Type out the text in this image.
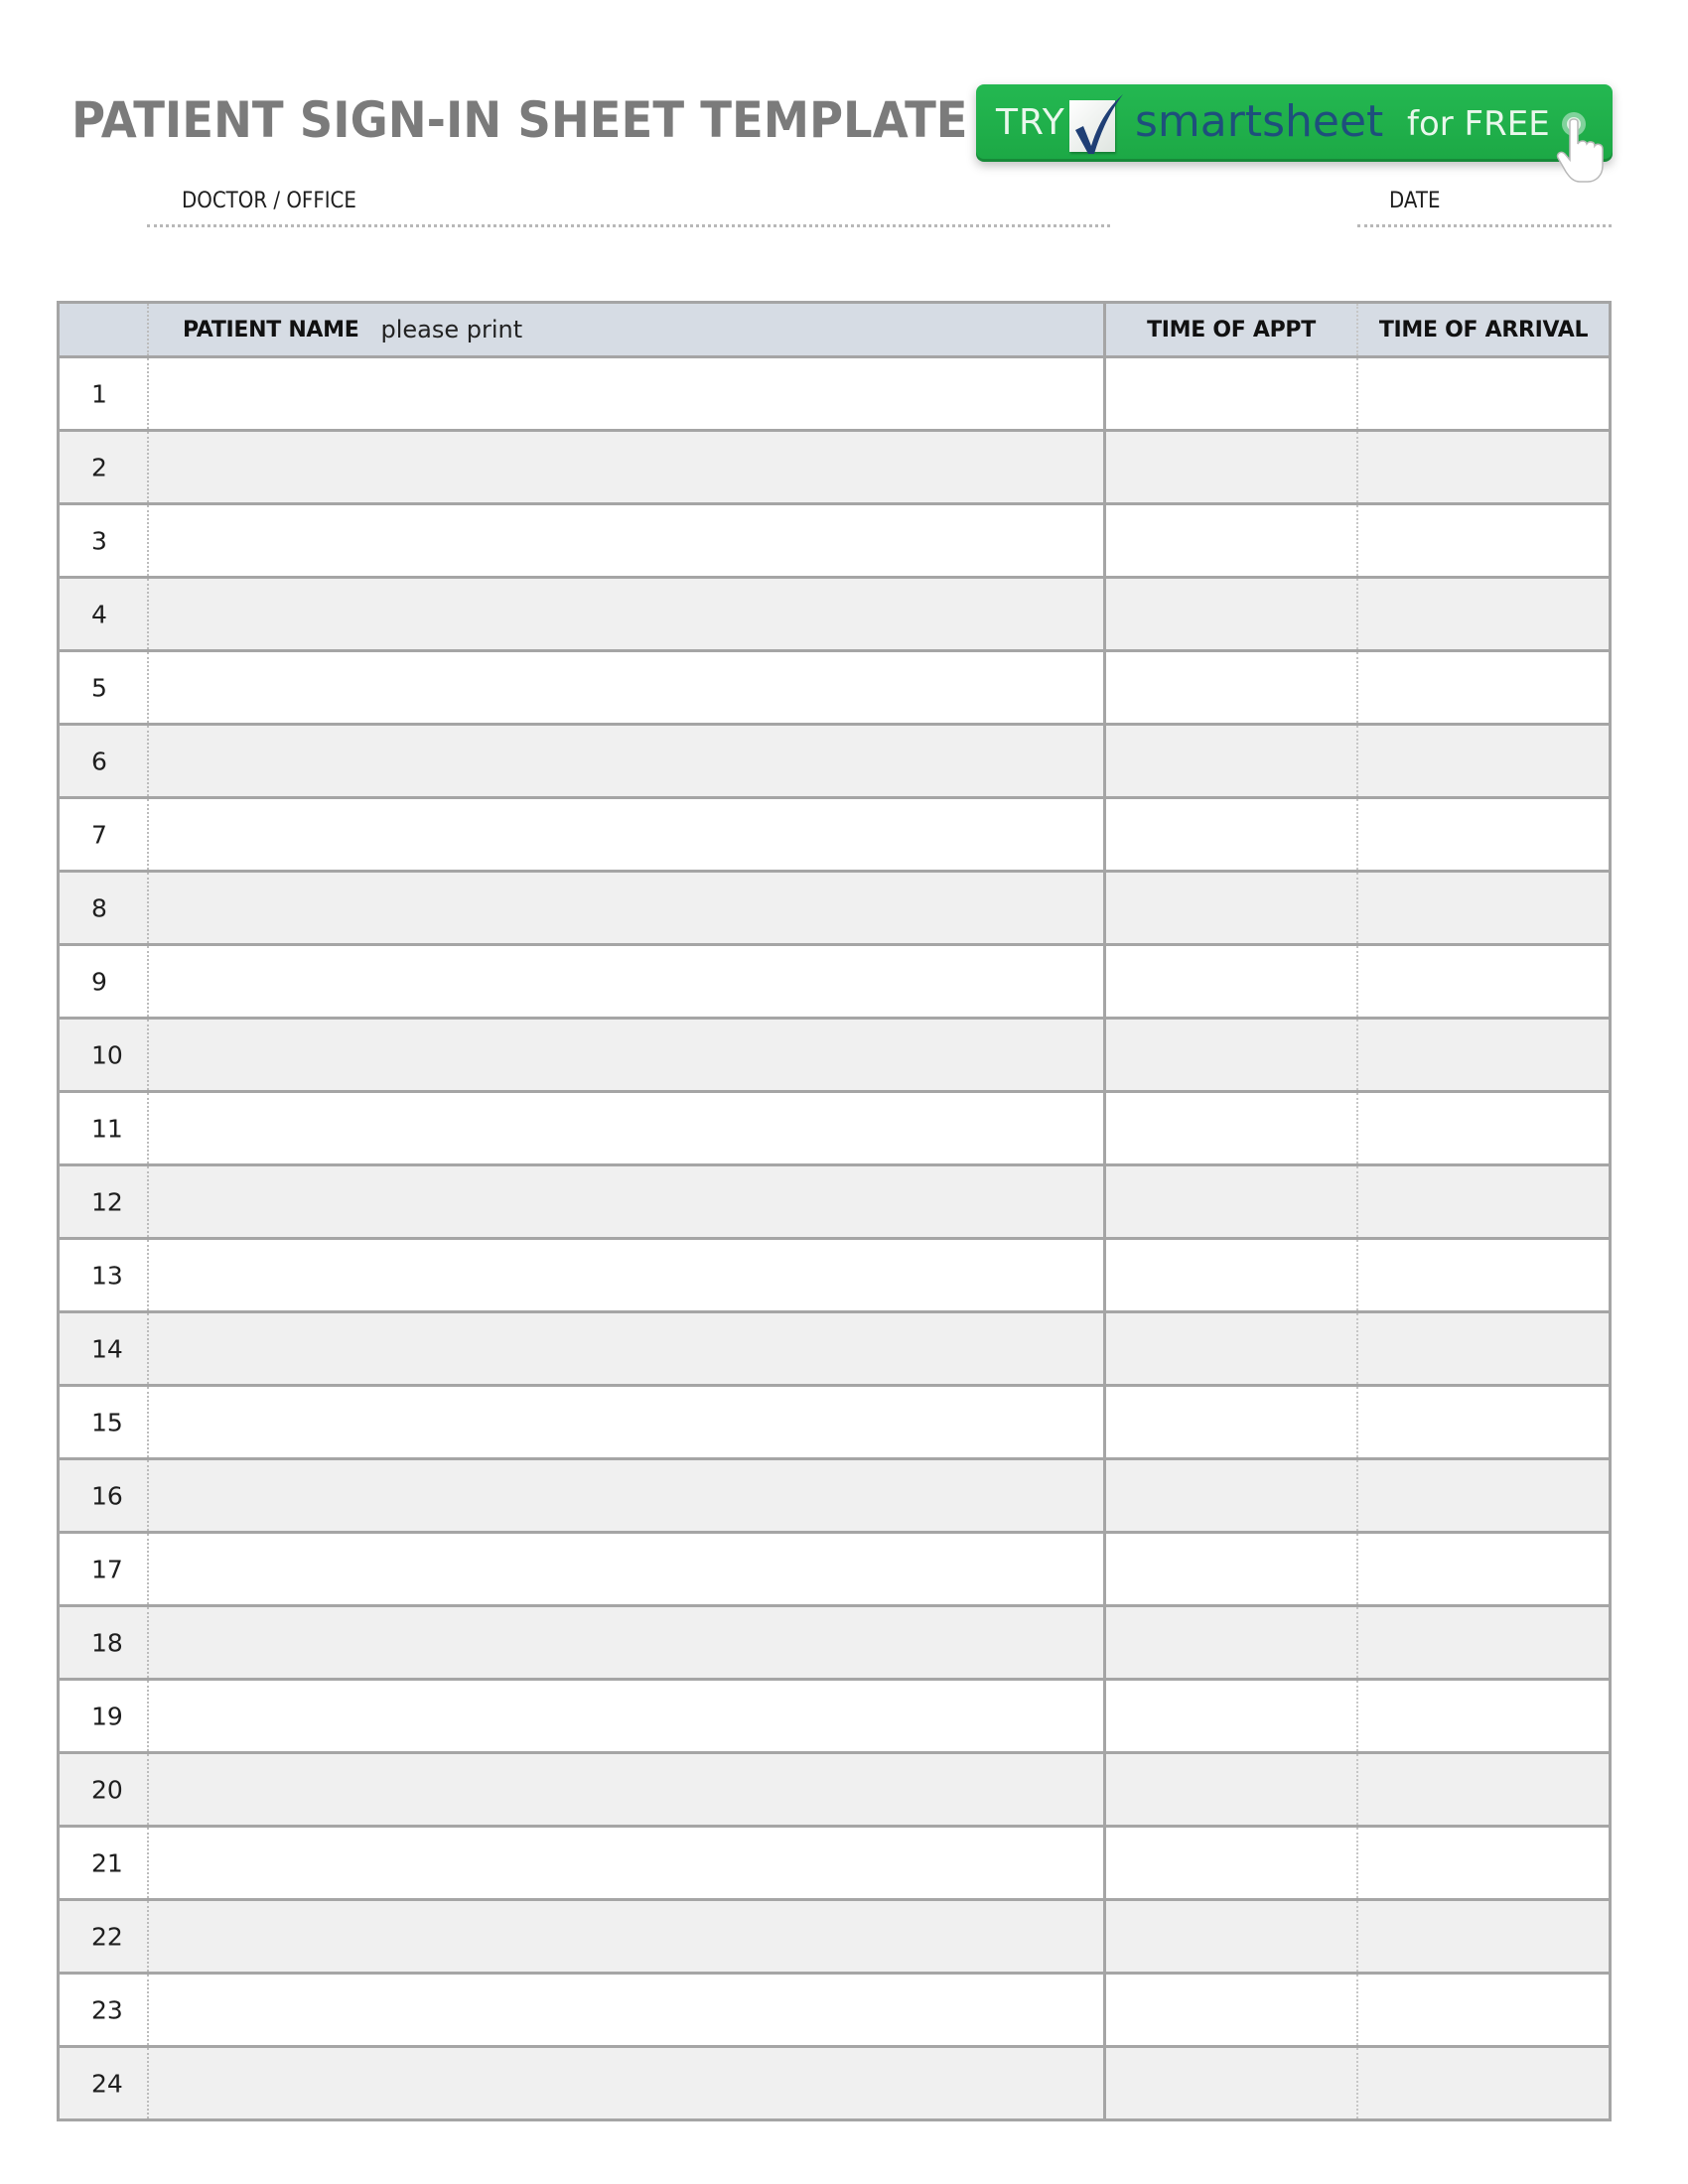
PATIENT SIGN-IN SHEET TEMPLATE
DOCTOR / OFFICE	DATE
TRY smartsheet for FREE
PATIENT NAME please print	TIME OF APPT	TIME OF ARRIVAL
1
2
3
4
5
6
7
8
9
10
11
12
13
14
15
16
17
18
19
20
21
22
23
24
